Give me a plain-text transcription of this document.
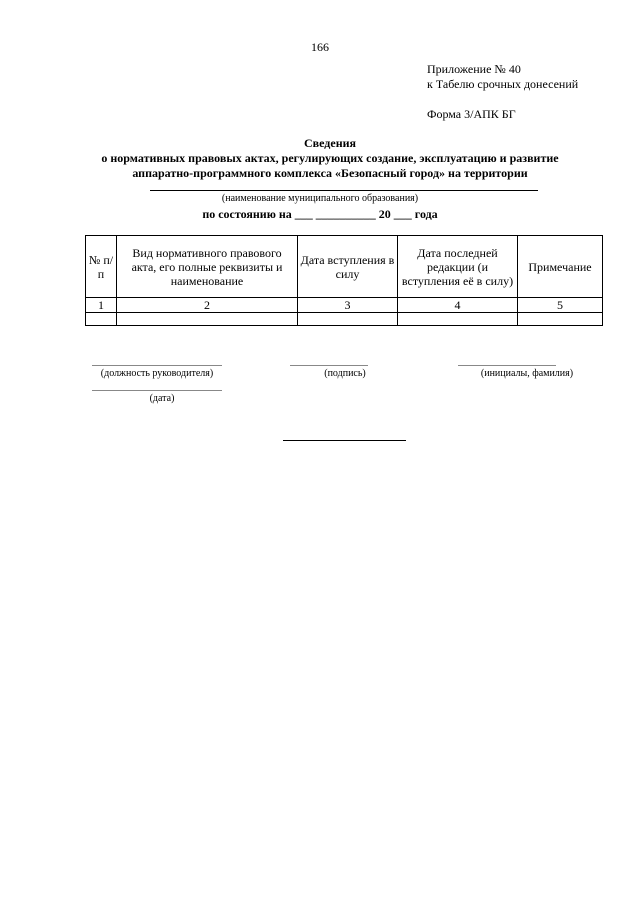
166
Приложение № 40
к Табелю срочных донесений
Форма 3/АПК БГ
Сведения
о нормативных правовых актах, регулирующих создание, эксплуатацию и развитие
аппаратно-программного комплекса «Безопасный город» на территории
(наименование муниципального образования)
по состоянию на ___ __________ 20 ___ года
№ п/п	Вид нормативного правового акта, его полные реквизиты и наименование	Дата вступления в силу	Дата последней редакции (и вступления её в силу)	Примечание
1	2	3	4	5

(должность руководителя)	(подпись)	(инициалы, фамилия)
(дата)
